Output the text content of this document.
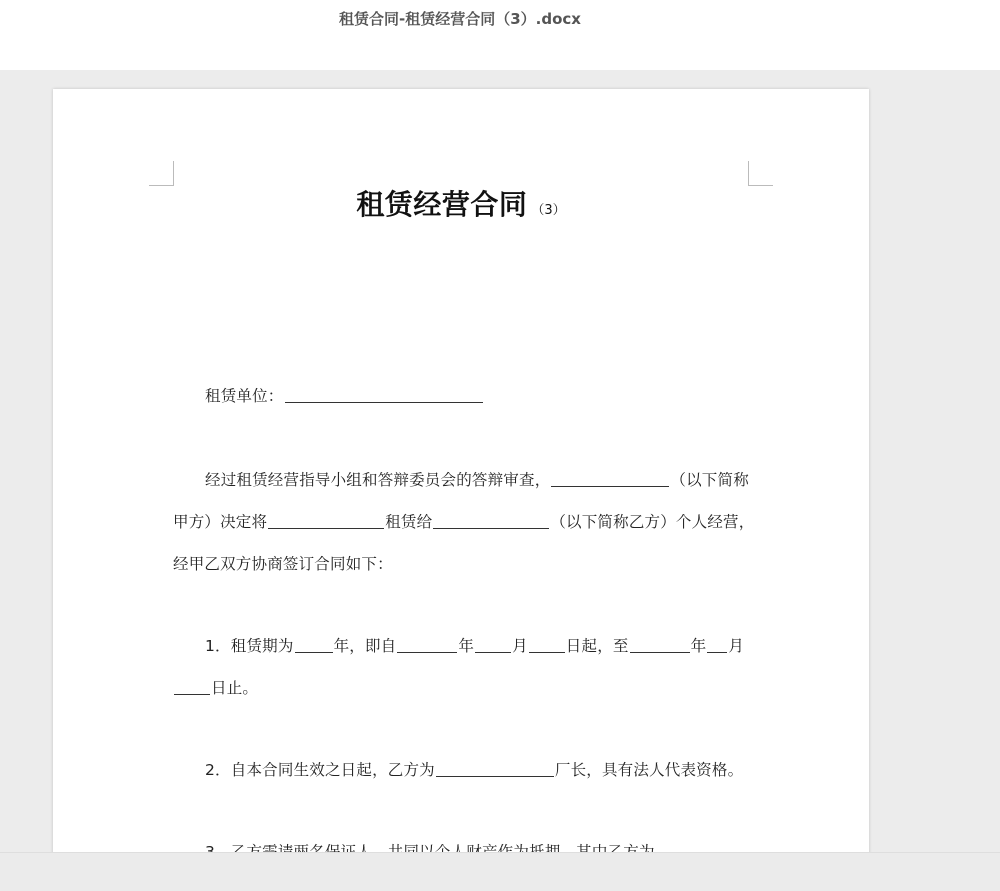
租赁合同-租赁经营合同（3）.docx
租赁经营合同 （3）
租赁单位：
经过租赁经营指导小组和答辩委员会的答辩审查，	（以下简称甲方）决定将	租赁给	（以下简称乙方）个人经营，经甲乙双方协商签订合同如下：
1．租赁期为	年，即自	年 月 日起，至	年 月日止。
2．自本合同生效之日起，乙方为	厂长，具有法人代表资格。
